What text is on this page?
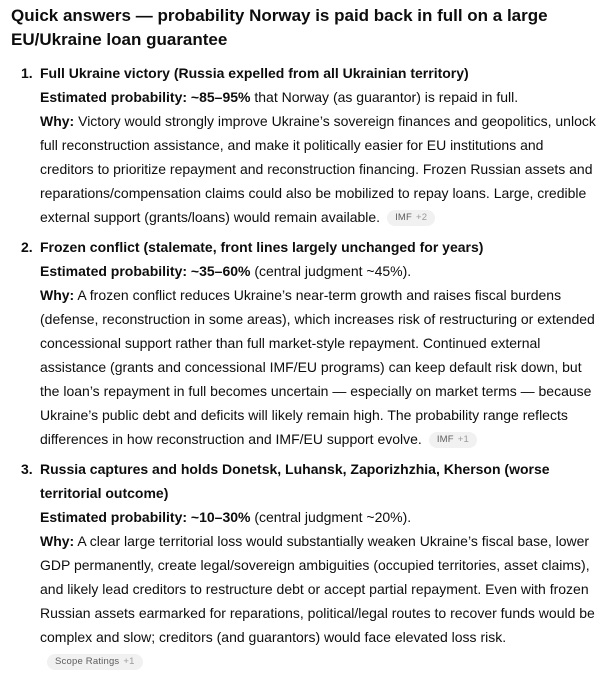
Quick answers — probability Norway is paid back in full on a large EU/Ukraine loan guarantee
1. Full Ukraine victory (Russia expelled from all Ukrainian territory)

Estimated probability: ~85–95% that Norway (as guarantor) is repaid in full.

Why: Victory would strongly improve Ukraine’s sovereign finances and geopolitics, unlock full reconstruction assistance, and make it politically easier for EU institutions and creditors to prioritize repayment and reconstruction financing. Frozen Russian assets and reparations/compensation claims could also be mobilized to repay loans. Large, credible external support (grants/loans) would remain available. IMF +2

2. Frozen conflict (stalemate, front lines largely unchanged for years)

Estimated probability: ~35–60% (central judgment ~45%).

Why: A frozen conflict reduces Ukraine’s near-term growth and raises fiscal burdens (defense, reconstruction in some areas), which increases risk of restructuring or extended concessional support rather than full market-style repayment. Continued external assistance (grants and concessional IMF/EU programs) can keep default risk down, but the loan’s repayment in full becomes uncertain — especially on market terms — because Ukraine’s public debt and deficits will likely remain high. The probability range reflects differences in how reconstruction and IMF/EU support evolve. IMF +1

3. Russia captures and holds Donetsk, Luhansk, Zaporizhzhia, Kherson (worse territorial outcome)

Estimated probability: ~10–30% (central judgment ~20%).

Why: A clear large territorial loss would substantially weaken Ukraine’s fiscal base, lower GDP permanently, create legal/sovereign ambiguities (occupied territories, asset claims), and likely lead creditors to restructure debt or accept partial repayment. Even with frozen Russian assets earmarked for reparations, political/legal routes to recover funds would be complex and slow; creditors (and guarantors) would face elevated loss risk.Scope Ratings +1
